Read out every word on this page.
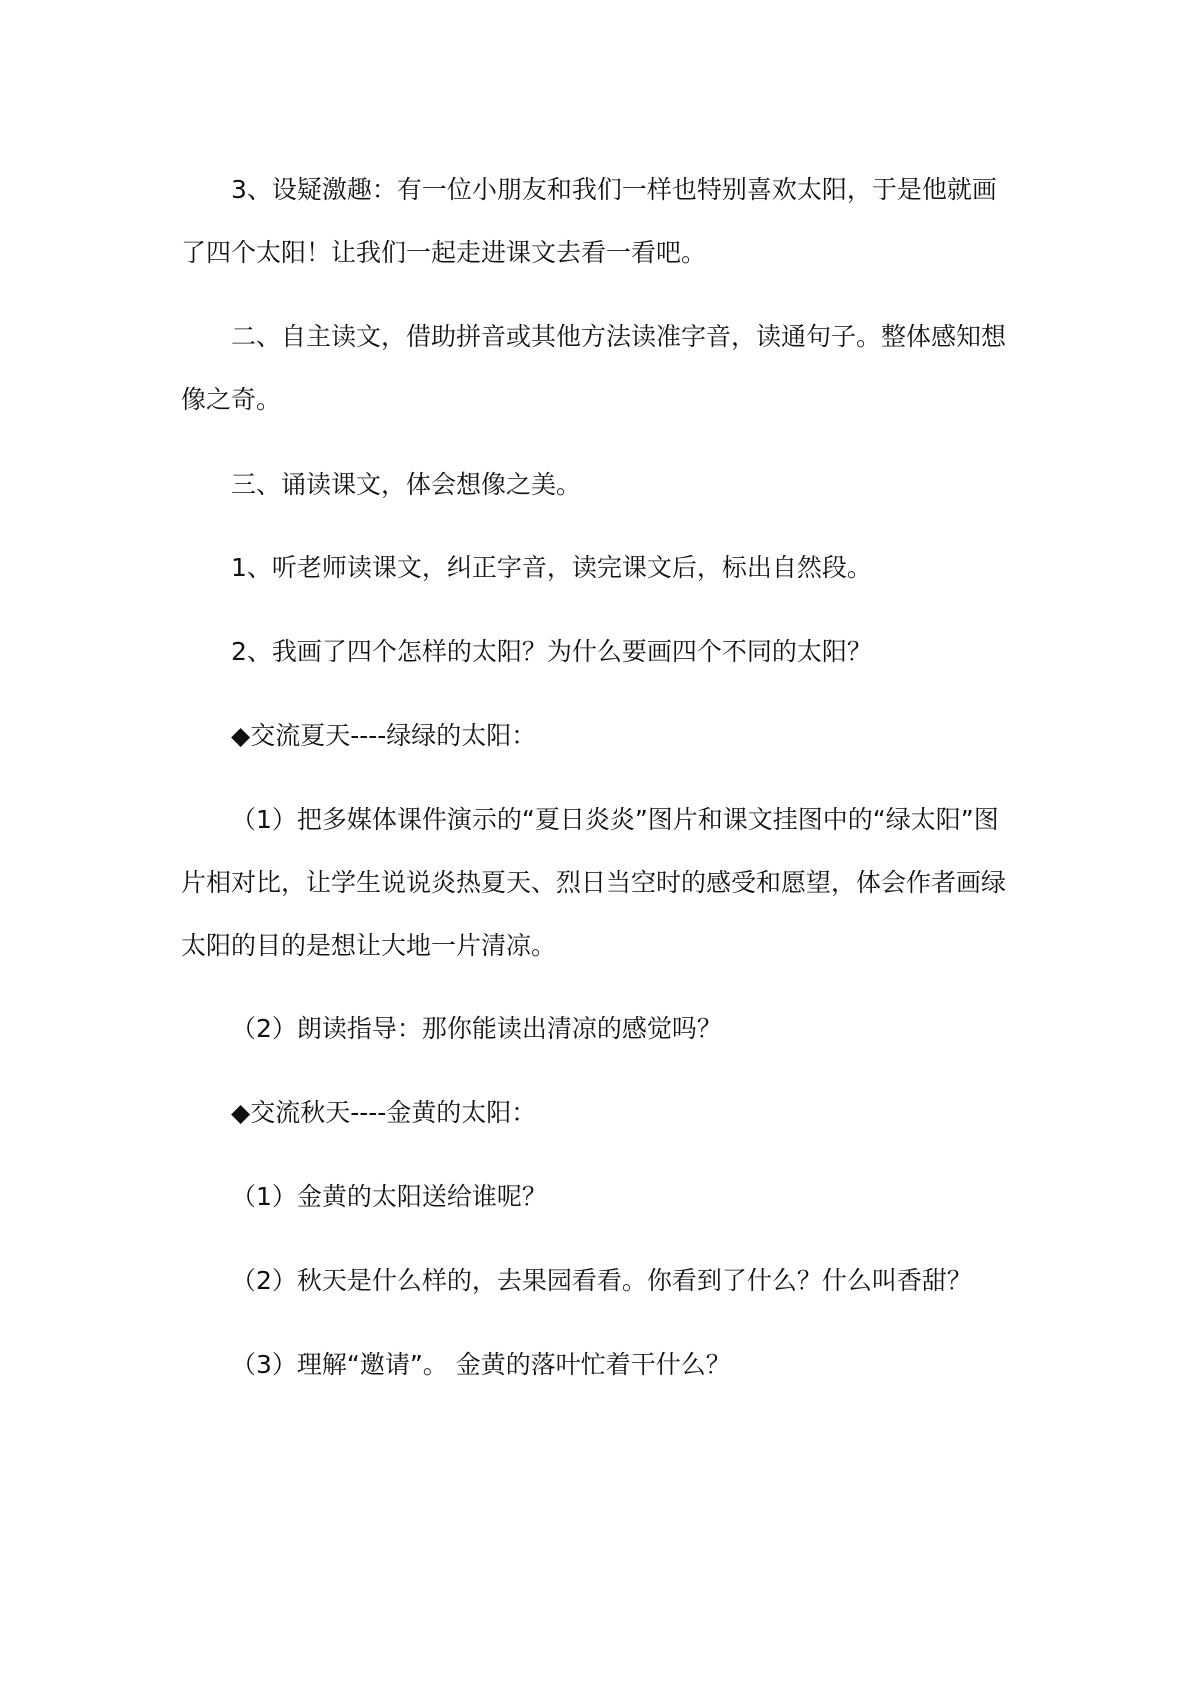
3、设疑激趣：有一位小朋友和我们一样也特别喜欢太阳，于是他就画了四个太阳！让我们一起走进课文去看一看吧。

二、自主读文，借助拼音或其他方法读准字音，读通句子。整体感知想像之奇。

三、诵读课文，体会想像之美。

1、听老师读课文，纠正字音，读完课文后，标出自然段。

2、我画了四个怎样的太阳？为什么要画四个不同的太阳？

◆交流夏天----绿绿的太阳：

（1）把多媒体课件演示的“夏日炎炎”图片和课文挂图中的“绿太阳”图片相对比，让学生说说炎热夏天、烈日当空时的感受和愿望，体会作者画绿太阳的目的是想让大地一片清凉。

（2）朗读指导：那你能读出清凉的感觉吗？

◆交流秋天----金黄的太阳：

（1）金黄的太阳送给谁呢？

（2）秋天是什么样的，去果园看看。你看到了什么？什么叫香甜？

（3）理解“邀请”。 金黄的落叶忙着干什么？
